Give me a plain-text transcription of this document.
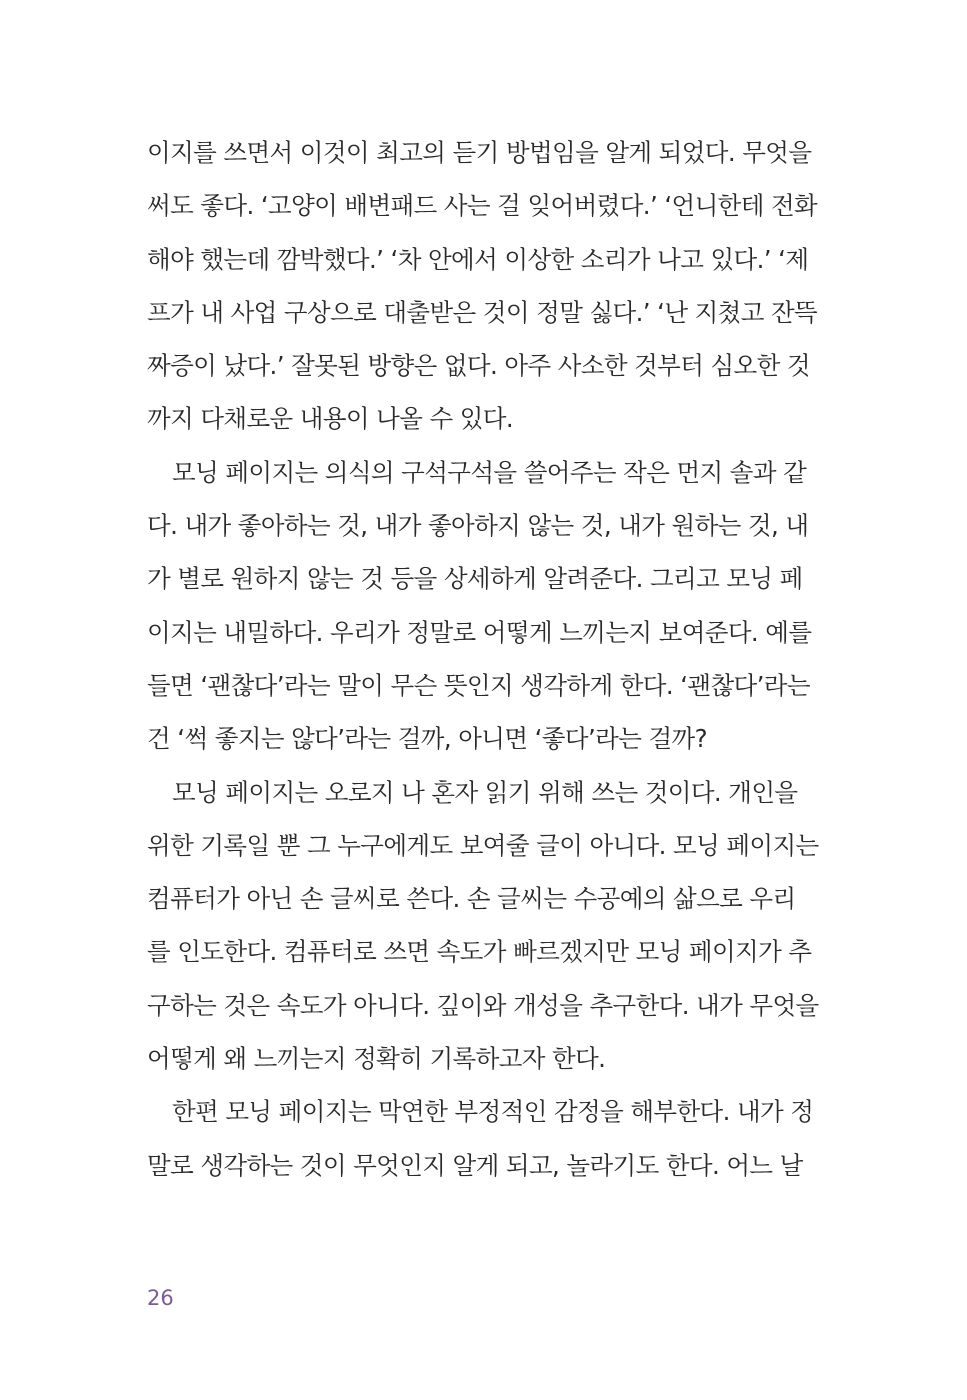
이지를 쓰면서 이것이 최고의 듣기 방법임을 알게 되었다. 무엇을
써도 좋다. ‘고양이 배변패드 사는 걸 잊어버렸다.’ ‘언니한테 전화
해야 했는데 깜박했다.’ ‘차 안에서 이상한 소리가 나고 있다.’ ‘제
프가 내 사업 구상으로 대출받은 것이 정말 싫다.’ ‘난 지쳤고 잔뜩
짜증이 났다.’ 잘못된 방향은 없다. 아주 사소한 것부터 심오한 것
까지 다채로운 내용이 나올 수 있다.
모닝 페이지는 의식의 구석구석을 쓸어주는 작은 먼지 솔과 같
다. 내가 좋아하는 것, 내가 좋아하지 않는 것, 내가 원하는 것, 내
가 별로 원하지 않는 것 등을 상세하게 알려준다. 그리고 모닝 페
이지는 내밀하다. 우리가 정말로 어떻게 느끼는지 보여준다. 예를
들면 ‘괜찮다’라는 말이 무슨 뜻인지 생각하게 한다. ‘괜찮다’라는
건 ‘썩 좋지는 않다’라는 걸까, 아니면 ‘좋다’라는 걸까?
모닝 페이지는 오로지 나 혼자 읽기 위해 쓰는 것이다. 개인을
위한 기록일 뿐 그 누구에게도 보여줄 글이 아니다. 모닝 페이지는
컴퓨터가 아닌 손 글씨로 쓴다. 손 글씨는 수공예의 삶으로 우리
를 인도한다. 컴퓨터로 쓰면 속도가 빠르겠지만 모닝 페이지가 추
구하는 것은 속도가 아니다. 깊이와 개성을 추구한다. 내가 무엇을
어떻게 왜 느끼는지 정확히 기록하고자 한다.
한편 모닝 페이지는 막연한 부정적인 감정을 해부한다. 내가 정
말로 생각하는 것이 무엇인지 알게 되고, 놀라기도 한다. 어느 날
26
